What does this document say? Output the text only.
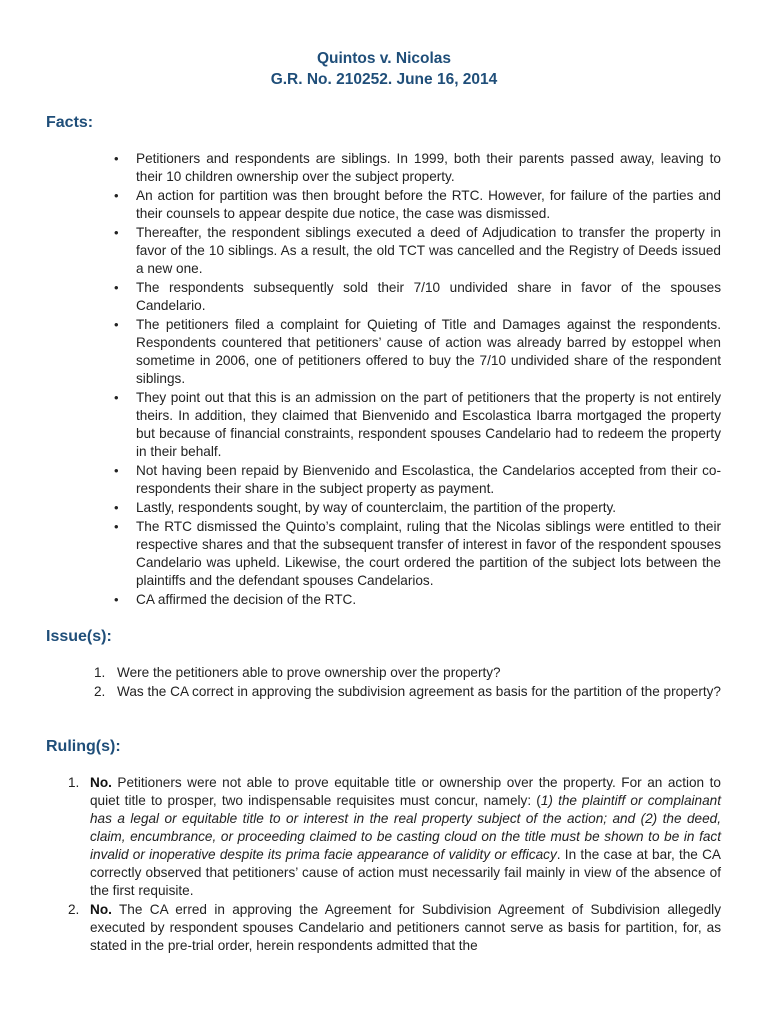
Quintos v. Nicolas
G.R. No. 210252. June 16, 2014
Facts:
• Petitioners and respondents are siblings. In 1999, both their parents passed away, leaving to their 10 children ownership over the subject property.
• An action for partition was then brought before the RTC. However, for failure of the parties and their counsels to appear despite due notice, the case was dismissed.
• Thereafter, the respondent siblings executed a deed of Adjudication to transfer the property in favor of the 10 siblings. As a result, the old TCT was cancelled and the Registry of Deeds issued a new one.
• The respondents subsequently sold their 7/10 undivided share in favor of the spouses Candelario.
• The petitioners filed a complaint for Quieting of Title and Damages against the respondents. Respondents countered that petitioners’ cause of action was already barred by estoppel when sometime in 2006, one of petitioners offered to buy the 7/10 undivided share of the respondent siblings.
• They point out that this is an admission on the part of petitioners that the property is not entirely theirs. In addition, they claimed that Bienvenido and Escolastica Ibarra mortgaged the property but because of financial constraints, respondent spouses Candelario had to redeem the property in their behalf.
• Not having been repaid by Bienvenido and Escolastica, the Candelarios accepted from their co-respondents their share in the subject property as payment.
• Lastly, respondents sought, by way of counterclaim, the partition of the property.
• The RTC dismissed the Quinto’s complaint, ruling that the Nicolas siblings were entitled to their respective shares and that the subsequent transfer of interest in favor of the respondent spouses Candelario was upheld. Likewise, the court ordered the partition of the subject lots between the plaintiffs and the defendant spouses Candelarios.
• CA affirmed the decision of the RTC.
Issue(s):
1. Were the petitioners able to prove ownership over the property?
2. Was the CA correct in approving the subdivision agreement as basis for the partition of the property?
Ruling(s):
1. No. Petitioners were not able to prove equitable title or ownership over the property. For an action to quiet title to prosper, two indispensable requisites must concur, namely: (1) the plaintiff or complainant has a legal or equitable title to or interest in the real property subject of the action; and (2) the deed, claim, encumbrance, or proceeding claimed to be casting cloud on the title must be shown to be in fact invalid or inoperative despite its prima facie appearance of validity or efficacy. In the case at bar, the CA correctly observed that petitioners’ cause of action must necessarily fail mainly in view of the absence of the first requisite.
2. No. The CA erred in approving the Agreement for Subdivision Agreement of Subdivision allegedly executed by respondent spouses Candelario and petitioners cannot serve as basis for partition, for, as stated in the pre-trial order, herein respondents admitted that the
